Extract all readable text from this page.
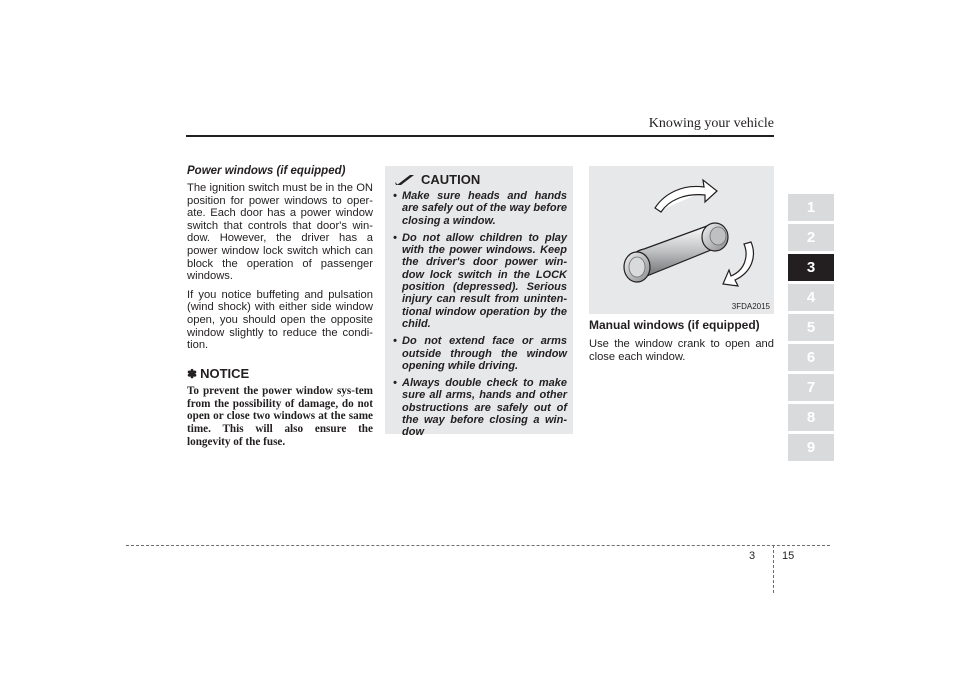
Knowing your vehicle

Power windows (if equipped)

The ignition switch must be in the ON position for power windows to oper-ate. Each door has a power window switch that controls that door's win-dow. However, the driver has a power window lock switch which can block the operation of passenger windows.

If you notice buffeting and pulsation (wind shock) with either side window open, you should open the opposite window slightly to reduce the condi-tion.

✽ NOTICE

To prevent the power window sys-tem from the possibility of damage, do not open or close two windows at the same time. This will also ensure the longevity of the fuse.

CAUTION
• Make sure heads and hands are safely out of the way before closing a window.
• Do not allow children to play with the power windows. Keep the driver's door power win-dow lock switch in the LOCK position (depressed). Serious injury can result from uninten-tional window operation by the child.
• Do not extend face or arms outside through the window opening while driving.
• Always double check to make sure all arms, hands and other obstructions are safely out of the way before closing a win-dow
3FDA2015

Manual windows (if equipped)

Use the window crank to open and close each window.

1
2
3
4
5
6
7
8
9
3 15
